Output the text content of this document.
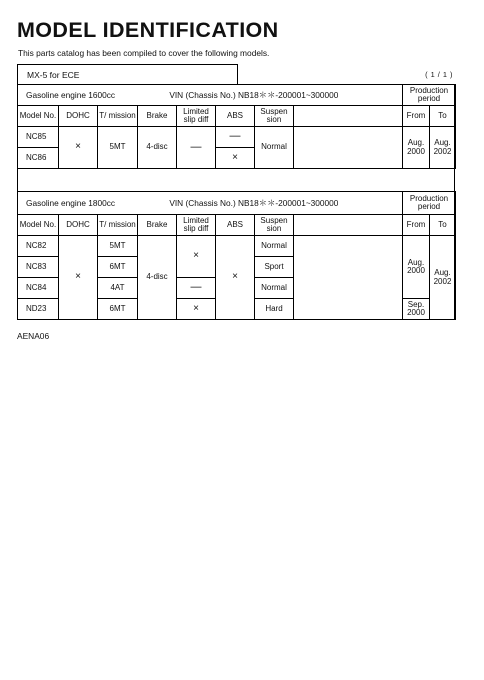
MODEL IDENTIFICATION
This parts catalog has been compiled to cover the following models.
MX-5 for ECE	( 1 / 1 )
Gasoline engine 1600cc VIN (Chassis No.) NB18＊＊-200001~300000								Production period	
Model No.	DOHC	T/ mission	Brake	Limited slip diff	ABS	Suspen sion		From	To
NC85	×	5MT	4-disc	—	—	Normal		Aug. 2000	Aug. 2002
NC86					×				
Gasoline engine 1800cc VIN (Chassis No.) NB18＊＊-200001~300000								Production period	
Model No.	DOHC	T/ mission	Brake	Limited slip diff	ABS	Suspen sion		From	To
NC82	×	5MT	4-disc	×	×	Normal		Aug. 2000	Aug. 2002
NC83		6MT				Sport			
NC84		4AT		—		Normal			
ND23		6MT		×		Hard		Sep. 2000	
AENA06
